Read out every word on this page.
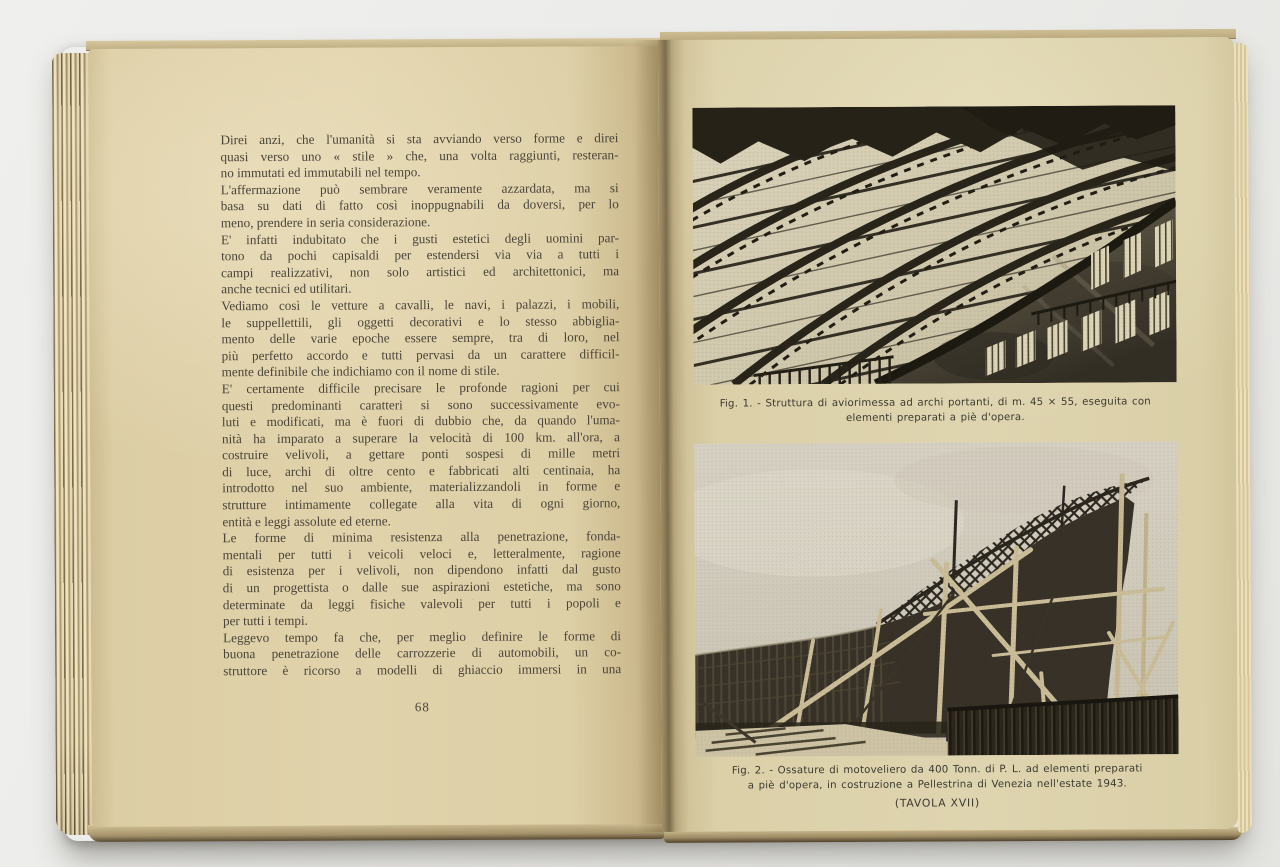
Direi anzi, che l'umanità si sta avviando verso forme e direi
quasi verso uno « stile » che, una volta raggiunti, resteran-
no immutati ed immutabili nel tempo.
L'affermazione può sembrare veramente azzardata, ma si
basa su dati di fatto così inoppugnabili da doversi, per lo
meno, prendere in seria considerazione.
E' infatti indubitato che i gusti estetici degli uomini par-
tono da pochi capisaldi per estendersi via via a tutti i
campi realizzativi, non solo artistici ed architettonici, ma
anche tecnici ed utilitari.
Vediamo così le vetture a cavalli, le navi, i palazzi, i mobili,
le suppellettili, gli oggetti decorativi e lo stesso abbiglia-
mento delle varie epoche essere sempre, tra di loro, nel
più perfetto accordo e tutti pervasi da un carattere difficil-
mente definibile che indichiamo con il nome di stile.
E' certamente difficile precisare le profonde ragioni per cui
questi predominanti caratteri si sono successivamente evo-
luti e modificati, ma è fuori di dubbio che, da quando l'uma-
nità ha imparato a superare la velocità di 100 km. all'ora, a
costruire velivoli, a gettare ponti sospesi di mille metri
di luce, archi di oltre cento e fabbricati alti centinaia, ha
introdotto nel suo ambiente, materializzandoli in forme e
strutture intimamente collegate alla vita di ogni giorno,
entità e leggi assolute ed eterne.
Le forme di minima resistenza alla penetrazione, fonda-
mentali per tutti i veicoli veloci e, letteralmente, ragione
di esistenza per i velivoli, non dipendono infatti dal gusto
di un progettista o dalle sue aspirazioni estetiche, ma sono
determinate da leggi fisiche valevoli per tutti i popoli e
per tutti i tempi.
Leggevo tempo fa che, per meglio definire le forme di
buona penetrazione delle carrozzerie di automobili, un co-
struttore è ricorso a modelli di ghiaccio immersi in una
68
Fig. 1. - Struttura di aviorimessa ad archi portanti, di m. 45 × 55, eseguita con
elementi preparati a piè d'opera.
Fig. 2. - Ossature di motoveliero da 400 Tonn. di P. L. ad elementi preparati
a piè d'opera, in costruzione a Pellestrina di Venezia nell'estate 1943.
(TAVOLA XVII)
